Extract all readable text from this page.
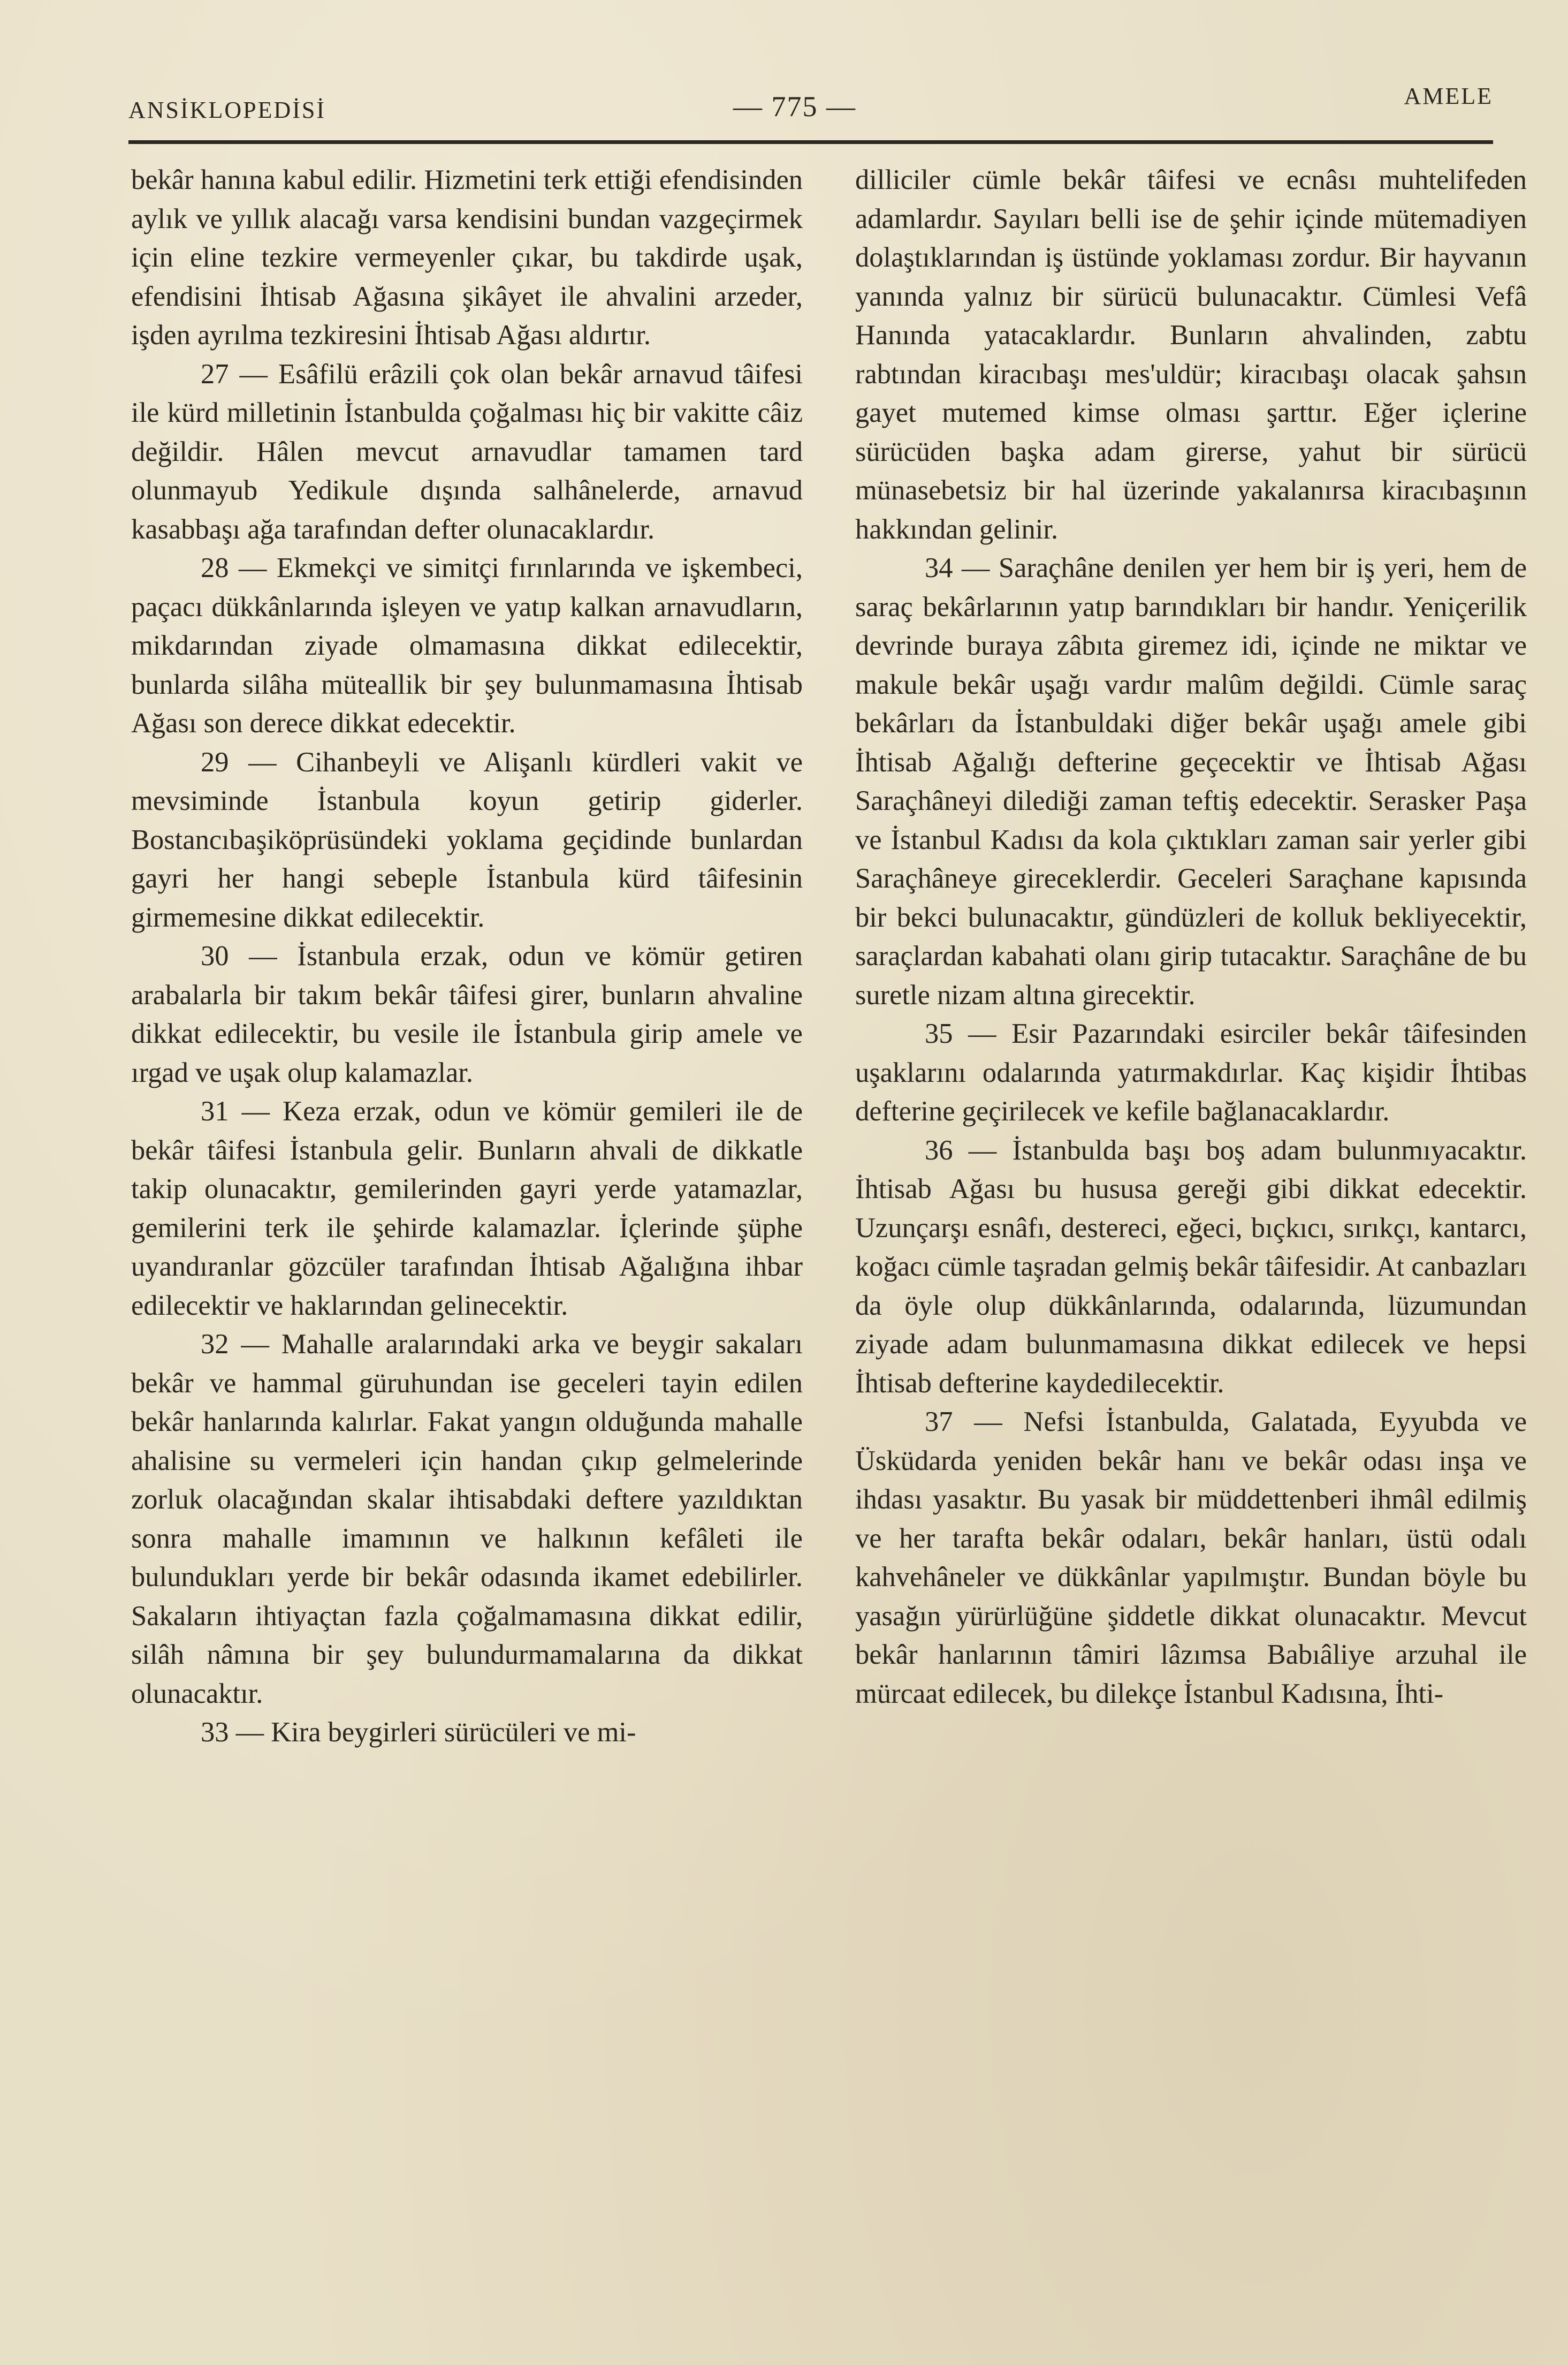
ANSİKLOPEDİSİ	— 775 —	AMELE

bekâr hanına kabul edilir. Hizmetini terk ettiği efendisinden aylık ve yıllık alacağı varsa kendisini bundan vazgeçirmek için eline tezkire vermeyenler çıkar, bu takdirde uşak, efendisini İhtisab Ağasına şikâyet ile ahvalini arzeder, işden ayrılma tezkiresini İhtisab Ağası aldırtır.

27 — Esâfilü erâzili çok olan bekâr arnavud tâifesi ile kürd milletinin İstanbulda çoğalması hiç bir vakitte câiz değildir. Hâlen mevcut arnavudlar tamamen tard olunmayub Yedikule dışında salhânelerde, arnavud kasabbaşı ağa tarafından defter olunacaklardır.

28 — Ekmekçi ve simitçi fırınlarında ve işkembeci, paçacı dükkânlarında işleyen ve yatıp kalkan arnavudların, mikdarından ziyade olmamasına dikkat edilecektir, bunlarda silâha müteallik bir şey bulunmamasına İhtisab Ağası son derece dikkat edecektir.

29 — Cihanbeyli ve Alişanlı kürdleri vakit ve mevsiminde İstanbula koyun getirip giderler. Bostancıbaşiköprüsündeki yoklama geçidinde bunlardan gayri her hangi sebeple İstanbula kürd tâifesinin girmemesine dikkat edilecektir.

30 — İstanbula erzak, odun ve kömür getiren arabalarla bir takım bekâr tâifesi girer, bunların ahvaline dikkat edilecektir, bu vesile ile İstanbula girip amele ve ırgad ve uşak olup kalamazlar.

31 — Keza erzak, odun ve kömür gemileri ile de bekâr tâifesi İstanbula gelir. Bunların ahvali de dikkatle takip olunacaktır, gemilerinden gayri yerde yatamazlar, gemilerini terk ile şehirde kalamazlar. İçlerinde şüphe uyandıranlar gözcüler tarafından İhtisab Ağalığına ihbar edilecektir ve haklarından gelinecektir.

32 — Mahalle aralarındaki arka ve beygir sakaları bekâr ve hammal güruhundan ise geceleri tayin edilen bekâr hanlarında kalırlar. Fakat yangın olduğunda mahalle ahalisine su vermeleri için handan çıkıp gelmelerinde zorluk olacağından skalar ihtisabdaki deftere yazıldıktan sonra mahalle imamının ve halkının kefâleti ile bulundukları yerde bir bekâr odasında ikamet edebilirler. Sakaların ihtiyaçtan fazla çoğalmamasına dikkat edilir, silâh nâmına bir şey bulundurmamalarına da dikkat olunacaktır.

33 — Kira beygirleri sürücüleri ve mi-

dilliciler cümle bekâr tâifesi ve ecnâsı muhtelifeden adamlardır. Sayıları belli ise de şehir içinde mütemadiyen dolaştıklarından iş üstünde yoklaması zordur. Bir hayvanın yanında yalnız bir sürücü bulunacaktır. Cümlesi Vefâ Hanında yatacaklardır. Bunların ahvalinden, zabtu rabtından kiracıbaşı mes'uldür; kiracıbaşı olacak şahsın gayet mutemed kimse olması şarttır. Eğer içlerine sürücüden başka adam girerse, yahut bir sürücü münasebetsiz bir hal üzerinde yakalanırsa kiracıbaşının hakkından gelinir.

34 — Saraçhâne denilen yer hem bir iş yeri, hem de saraç bekârlarının yatıp barındıkları bir handır. Yeniçerilik devrinde buraya zâbıta giremez idi, içinde ne miktar ve makule bekâr uşağı vardır malûm değildi. Cümle saraç bekârları da İstanbuldaki diğer bekâr uşağı amele gibi İhtisab Ağalığı defterine geçecektir ve İhtisab Ağası Saraçhâneyi dilediği zaman teftiş edecektir. Serasker Paşa ve İstanbul Kadısı da kola çıktıkları zaman sair yerler gibi Saraçhâneye gireceklerdir. Geceleri Saraçhane kapısında bir bekci bulunacaktır, gündüzleri de kolluk bekliyecektir, saraçlardan kabahati olanı girip tutacaktır. Saraçhâne de bu suretle nizam altına girecektir.

35 — Esir Pazarındaki esirciler bekâr tâifesinden uşaklarını odalarında yatırmakdırlar. Kaç kişidir İhtibas defterine geçirilecek ve kefile bağlanacaklardır.

36 — İstanbulda başı boş adam bulunmıyacaktır. İhtisab Ağası bu hususa gereği gibi dikkat edecektir. Uzunçarşı esnâfı, destereci, eğeci, bıçkıcı, sırıkçı, kantarcı, koğacı cümle taşradan gelmiş bekâr tâifesidir. At canbazları da öyle olup dükkânlarında, odalarında, lüzumundan ziyade adam bulunmamasına dikkat edilecek ve hepsi İhtisab defterine kaydedilecektir.

37 — Nefsi İstanbulda, Galatada, Eyyubda ve Üsküdarda yeniden bekâr hanı ve bekâr odası inşa ve ihdası yasaktır. Bu yasak bir müddettenberi ihmâl edilmiş ve her tarafta bekâr odaları, bekâr hanları, üstü odalı kahvehâneler ve dükkânlar yapılmıştır. Bundan böyle bu yasağın yürürlüğüne şiddetle dikkat olunacaktır. Mevcut bekâr hanlarının tâmiri lâzımsa Babıâliye arzuhal ile mürcaat edilecek, bu dilekçe İstanbul Kadısına, İhti-
